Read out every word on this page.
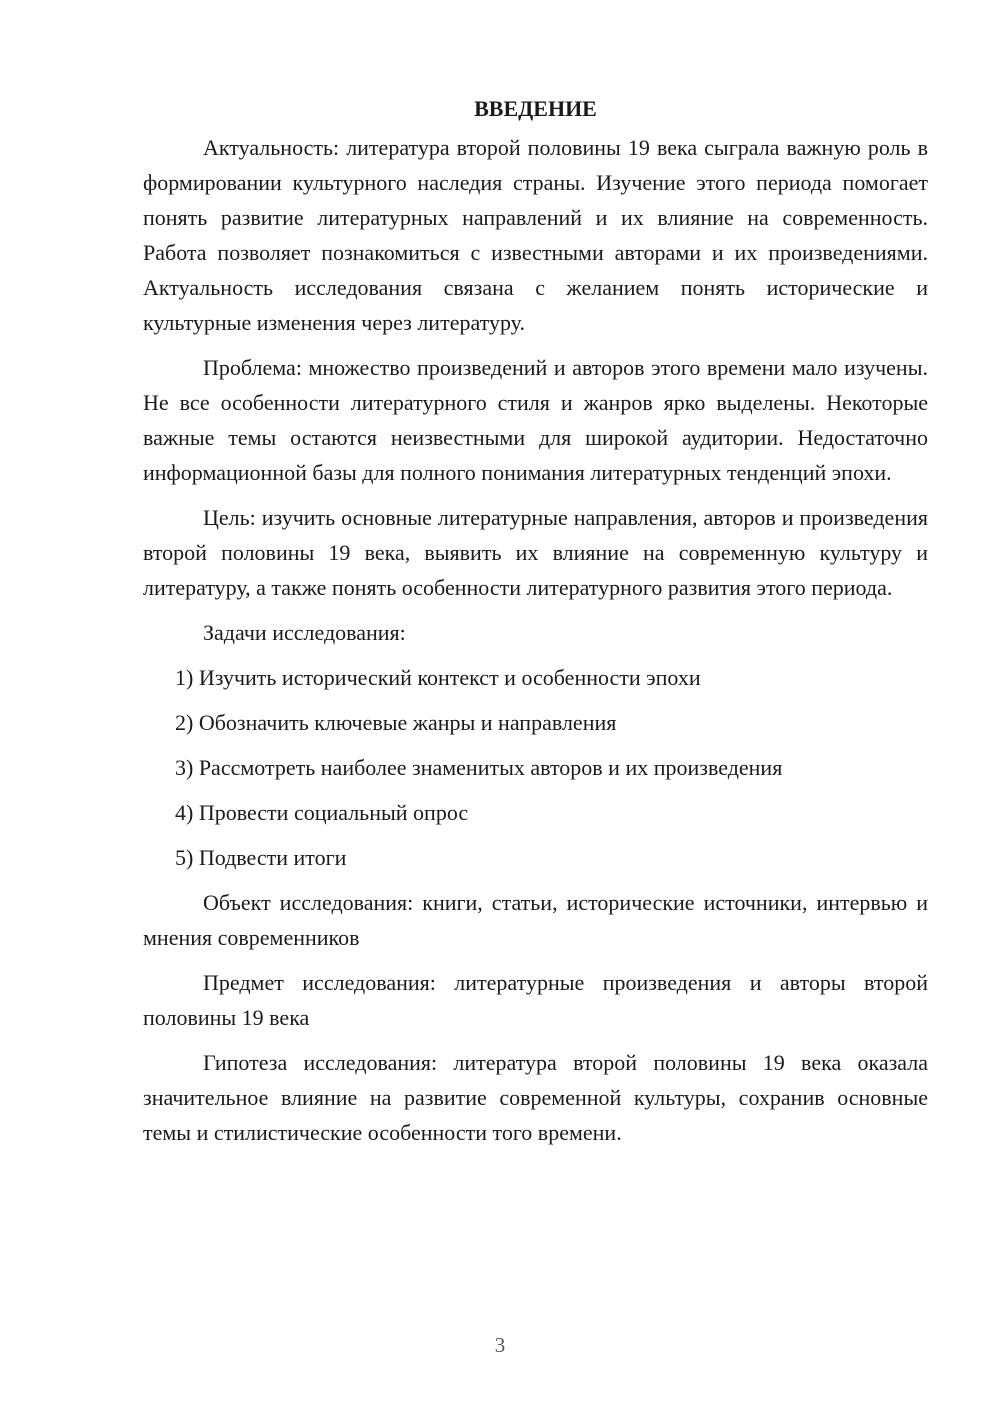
ВВЕДЕНИЕ

Актуальность: литература второй половины 19 века сыграла важную роль в формировании культурного наследия страны. Изучение этого периода помогает понять развитие литературных направлений и их влияние на современность. Работа позволяет познакомиться с известными авторами и их произведениями. Актуальность исследования связана с желанием понять исторические и культурные изменения через литературу.

Проблема: множество произведений и авторов этого времени мало изучены. Не все особенности литературного стиля и жанров ярко выделены. Некоторые важные темы остаются неизвестными для широкой аудитории. Недостаточно информационной базы для полного понимания литературных тенденций эпохи.

Цель: изучить основные литературные направления, авторов и произведения второй половины 19 века, выявить их влияние на современную культуру и литературу, а также понять особенности литературного развития этого периода.

Задачи исследования:

1) Изучить исторический контекст и особенности эпохи

2) Обозначить ключевые жанры и направления

3) Рассмотреть наиболее знаменитых авторов и их произведения

4) Провести социальный опрос

5) Подвести итоги

Объект исследования: книги, статьи, исторические источники, интервью и мнения современников

Предмет исследования: литературные произведения и авторы второй половины 19 века

Гипотеза исследования: литература второй половины 19 века оказала значительное влияние на развитие современной культуры, сохранив основные темы и стилистические особенности того времени.

3
